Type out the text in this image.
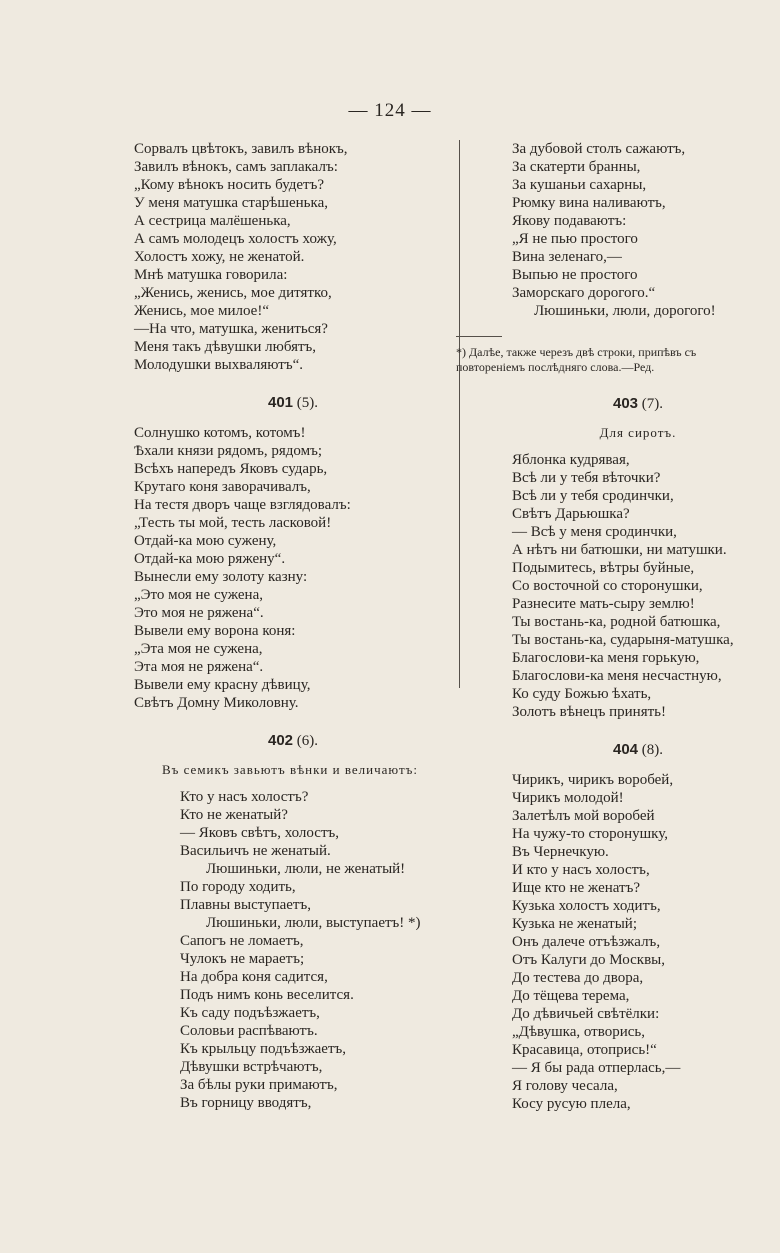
— 124 —
Сорвалъ цвѣтокъ, завилъ вѣнокъ,
Завилъ вѣнокъ, самъ заплакалъ:
„Кому вѣнокъ носить будетъ?
У меня матушка старѣшенька,
А сестрица малёшенька,
А самъ молодецъ холостъ хожу,
Холостъ хожу, не женатой.
Мнѣ матушка говорила:
„Женись, женись, мое дитятко,
Женись, мое милое!“
—На что, матушка, жениться?
Меня такъ дѣвушки любятъ,
Молодушки выхваляютъ“.
401 (5).
Солнушко котомъ, котомъ!
Ѣхали князи рядомъ, рядомъ;
Всѣхъ напередъ Яковъ сударь,
Крутаго коня заворачивалъ,
На тестя дворъ чаще взглядовалъ:
„Тесть ты мой, тесть ласковой!
Отдай-ка мою сужену,
Отдай-ка мою ряжену“.
Вынесли ему золоту казну:
„Это моя не сужена,
Это моя не ряжена“.
Вывели ему ворона коня:
„Эта моя не сужена,
Эта моя не ряжена“.
Вывели ему красну дѣвицу,
Свѣтъ Домну Миколовну.
402 (6).
Въ семикъ завьютъ вѣнки и величаютъ:
Кто у насъ холостъ?
Кто не женатый?
— Яковъ свѣтъ, холостъ,
Васильичъ не женатый.
Люшиньки, люли, не женатый!
По городу ходить,
Плавны выступаетъ,
Люшиньки, люли, выступаетъ! *)
Сапогъ не ломаетъ,
Чулокъ не мараетъ;
На добра коня садится,
Подъ нимъ конь веселится.
Къ саду подъѣзжаетъ,
Соловьи распѣваютъ.
Къ крыльцу подъѣзжаетъ,
Дѣвушки встрѣчаютъ,
За бѣлы руки примаютъ,
Въ горницу вводятъ,
За дубовой столъ сажаютъ,
За скатерти бранны,
За кушаньи сахарны,
Рюмку вина наливаютъ,
Якову подаваютъ:
„Я не пью простого
Вина зеленаго,—
Выпью не простого
Заморскаго дорогого.“
Люшиньки, люли, дорогого!
*) Далѣе, также черезъ двѣ строки, припѣвъ съ повтореніемъ послѣдняго слова.—Ред.
403 (7).
Для сиротъ.
Яблонка кудрявая,
Всѣ ли у тебя вѣточки?
Всѣ ли у тебя сродинчки,
Свѣтъ Дарьюшка?
— Всѣ у меня сродинчки,
А нѣтъ ни батюшки, ни матушки.
Подымитесь, вѣтры буйные,
Со восточной со сторонушки,
Разнесите мать-сыру землю!
Ты востань-ка, родной батюшка,
Ты востань-ка, сударыня-матушка,
Благослови-ка меня горькую,
Благослови-ка меня несчастную,
Ко суду Божью ѣхать,
Золотъ вѣнецъ принять!
404 (8).
Чирикъ, чирикъ воробей,
Чирикъ молодой!
Залетѣлъ мой воробей
На чужу-то сторонушку,
Въ Чернечкую.
И кто у насъ холостъ,
Ище кто не женатъ?
Кузька холостъ ходитъ,
Кузька не женатый;
Онъ далече отъѣзжалъ,
Отъ Калуги до Москвы,
До тестева до двора,
До тёщева терема,
До дѣвичьей свѣтёлки:
„Дѣвушка, отворись,
Красавица, отопрись!“
— Я бы рада отперлась,—
Я голову чесала,
Косу русую плела,
